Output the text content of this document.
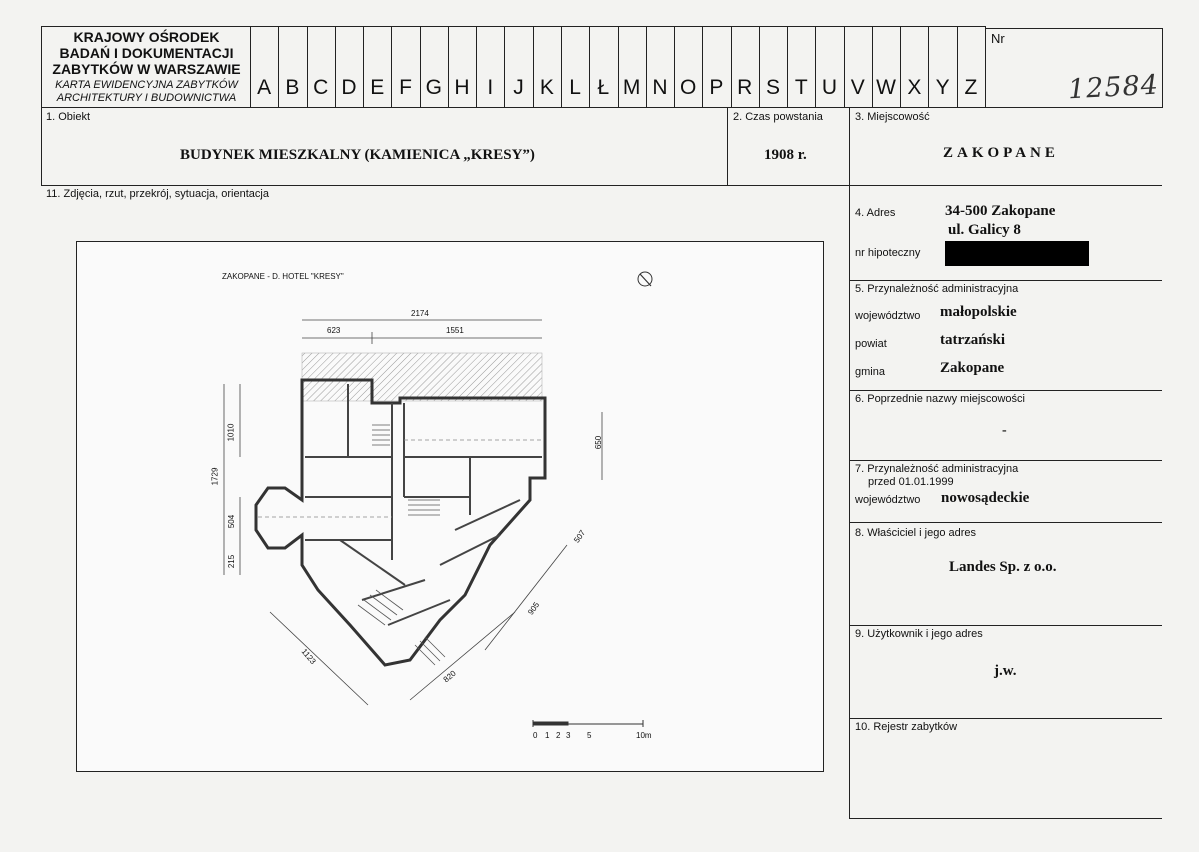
KRAJOWY OŚRODEK
BADAŃ I DOKUMENTACJI
ZABYTKÓW W WARSZAWIE
KARTA EWIDENCYJNA ZABYTKÓW
ARCHITEKTURY I BUDOWNICTWA A B C D E F G H I J K L Ł M N O P R S T U V W X Y Z
Nr
12584
1. Obiekt
BUDYNEK MIESZKALNY (KAMIENICA „KRESY”)
2. Czas powstania
1908 r.
3. Miejscowość
ZAKOPANE
11. Zdjęcia, rzut, przekrój, sytuacja, orientacja
4. Adres	34-500 Zakopane
ul. Galicy 8
nr hipoteczny
5. Przynależność administracyjna
województwo małopolskie
powiat	tatrzański
gmina	Zakopane
6. Poprzednie nazwy miejscowości
-
7. Przynależność administracyjna
przed 01.01.1999
województwo nowosądeckie
8. Właściciel i jego adres
Landes Sp. z o.o.
9. Użytkownik i jego adres
j.w.
10. Rejestr zabytków
ZAKOPANE - D. HOTEL "KRESY"
2174
623	1551
1010
1729
504
215
650
507
905
1123
820
0 1 2 3 5	10m
